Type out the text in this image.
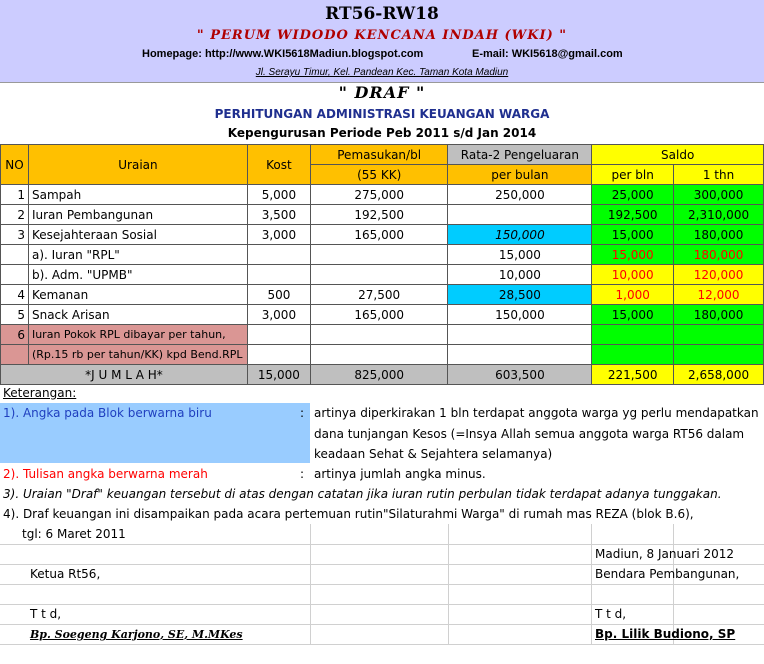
RT56-RW18
" PERUM WIDODO KENCANA INDAH (WKI) "
Homepage: http://www.WKI5618Madiun.blogspot.com	E-mail: WKI5618@gmail.com
Jl. Serayu Timur, Kel. Pandean Kec. Taman Kota Madiun
" DRAF "
PERHITUNGAN ADMINISTRASI KEUANGAN WARGA
Kepengurusan Periode Peb 2011 s/d Jan 2014
NO	Uraian	Kost	Pemasukan/bl	Rata-2 Pengeluaran	Saldo	
			(55 KK)	per bulan	per bln	1 thn
1	Sampah	5,000	275,000	250,000	25,000	300,000
2	Iuran Pembangunan	3,500	192,500		192,500	2,310,000
3	Kesejahteraan Sosial	3,000	165,000	150,000	15,000	180,000
	a). Iuran "RPL"			15,000	15,000	180,000
	b). Adm. "UPMB"			10,000	10,000	120,000
4	Kemanan	500	27,500	28,500	1,000	12,000
5	Snack Arisan	3,000	165,000	150,000	15,000	180,000
6	Iuran Pokok RPL dibayar per tahun,					
	(Rp.15 rb per tahun/KK) kpd Bend.RPL					
*J U M L A H*		15,000	825,000	603,500	221,500	2,658,000
Keterangan:
1). Angka pada Blok berwarna biru	: artinya diperkirakan 1 bln terdapat anggota warga yg perlu mendapatkan
dana tunjangan Kesos (=Insya Allah semua anggota warga RT56 dalam
keadaan Sehat & Sejahtera selamanya)
2). Tulisan angka berwarna merah	: artinya jumlah angka minus.
3). Uraian "Draf" keuangan tersebut di atas dengan catatan jika iuran rutin perbulan tidak terdapat adanya tunggakan.
4). Draf keuangan ini disampaikan pada acara pertemuan rutin"Silaturahmi Warga" di rumah mas REZA (blok B.6),
tgl: 6 Maret 2011
Madiun, 8 Januari 2012
Ketua Rt56,	Bendara Pembangunan,
T t d,	T t d,
Bp. Soegeng Karjono, SE, M.MKes	Bp. Lilik Budiono, SP
